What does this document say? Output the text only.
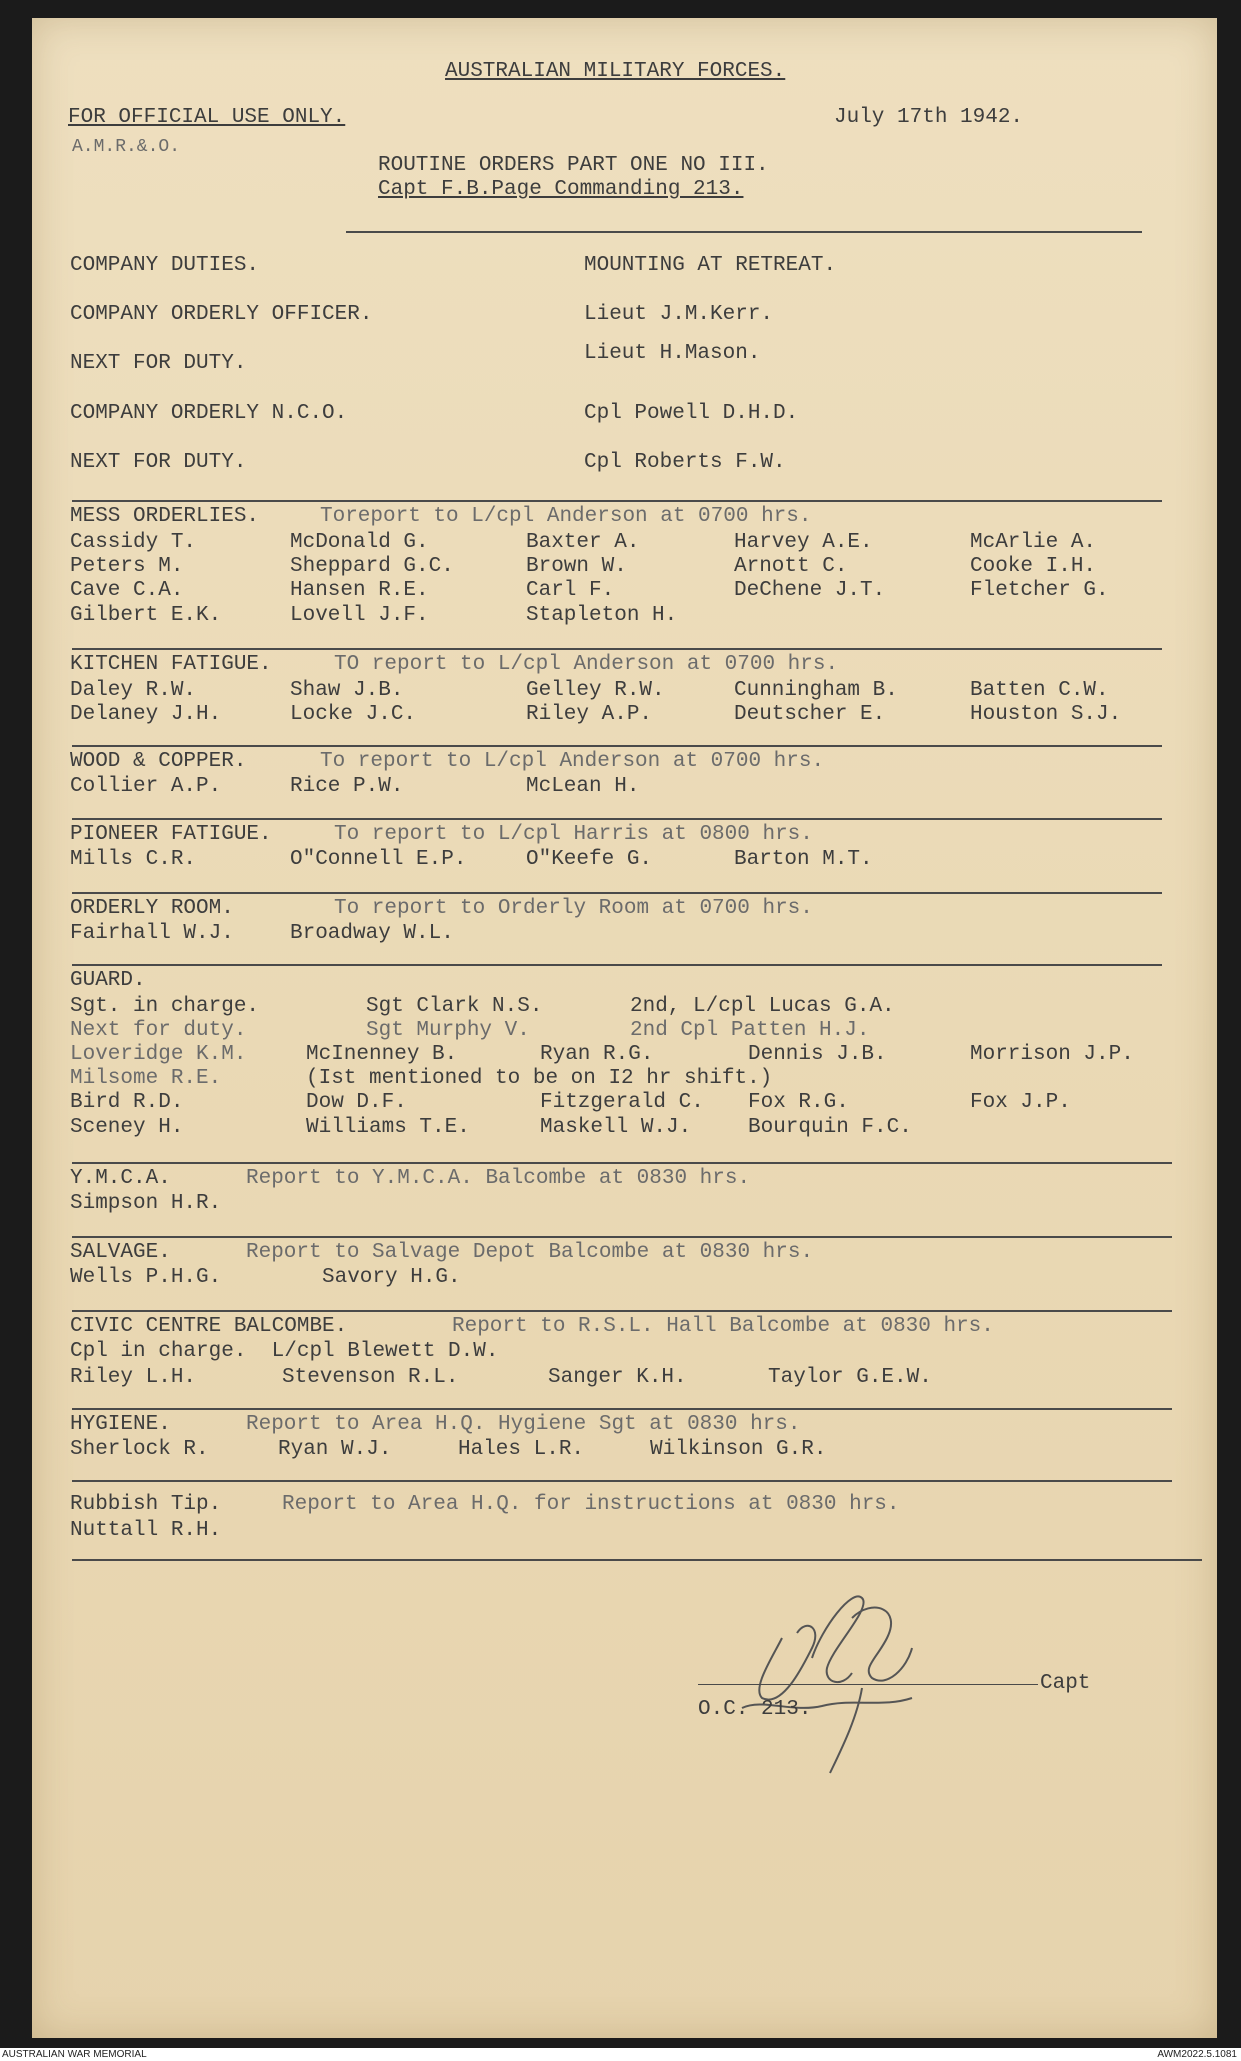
AUSTRALIAN MILITARY FORCES.
FOR OFFICIAL USE ONLY.	July 17th 1942.
A.M.R.&.O.
ROUTINE ORDERS PART ONE NO III.
Capt F.B.Page Commanding 213.
COMPANY DUTIES.	MOUNTING AT RETREAT.
COMPANY ORDERLY OFFICER.	Lieut J.M.Kerr.
NEXT FOR DUTY.	Lieut H.Mason.
COMPANY ORDERLY N.C.O.	Cpl Powell D.H.D.
NEXT FOR DUTY.	Cpl Roberts F.W.
MESS ORDERLIES.	Toreport to L/cpl Anderson at 0700 hrs.
Cassidy T.	McDonald G.	Baxter A.	Harvey A.E.	McArlie A.
Peters M.	Sheppard G.C.	Brown W.	Arnott C.	Cooke I.H.
Cave C.A.	Hansen R.E.	Carl F.	DeChene J.T.	Fletcher G.
Gilbert E.K.	Lovell J.F.	Stapleton H.
KITCHEN FATIGUE.	TO report to L/cpl Anderson at 0700 hrs.
Daley R.W.	Shaw J.B.	Gelley R.W.	Cunningham B.	Batten C.W.
Delaney J.H.	Locke J.C.	Riley A.P.	Deutscher E.	Houston S.J.
WOOD & COPPER.	To report to L/cpl Anderson at 0700 hrs.
Collier A.P.	Rice P.W.	McLean H.
PIONEER FATIGUE.	To report to L/cpl Harris at 0800 hrs.
Mills C.R.	O"Connell E.P.	O"Keefe G.	Barton M.T.
ORDERLY ROOM.	To report to Orderly Room at 0700 hrs.
Fairhall W.J.	Broadway W.L.
GUARD.
Sgt. in charge.	Sgt Clark N.S.	2nd, L/cpl Lucas G.A.
Next for duty.	Sgt Murphy V.	2nd Cpl Patten H.J.
Loveridge K.M.	McInenney B.	Ryan R.G.	Dennis J.B.	Morrison J.P.
Milsome R.E.	(Ist mentioned to be on I2 hr shift.)
Bird R.D.	Dow D.F.	Fitzgerald C. Fox R.G.	Fox J.P.
Sceney H.	Williams T.E.	Maskell W.J.	Bourquin F.C.
Y.M.C.A.	Report to Y.M.C.A. Balcombe at 0830 hrs.
Simpson H.R.
SALVAGE.	Report to Salvage Depot Balcombe at 0830 hrs.
Wells P.H.G.	Savory H.G.
CIVIC CENTRE BALCOMBE.	Report to R.S.L. Hall Balcombe at 0830 hrs.
Cpl in charge.  L/cpl Blewett D.W.
Riley L.H.	Stevenson R.L.	Sanger K.H.	Taylor G.E.W.
HYGIENE.	Report to Area H.Q. Hygiene Sgt at 0830 hrs.
Sherlock R.	Ryan W.J.	Hales L.R.	Wilkinson G.R.
Rubbish Tip.	Report to Area H.Q. for instructions at 0830 hrs.
Nuttall R.H.
Capt
O.C. 213.
AUSTRALIAN WAR MEMORIAL	AWM2022.5.1081
